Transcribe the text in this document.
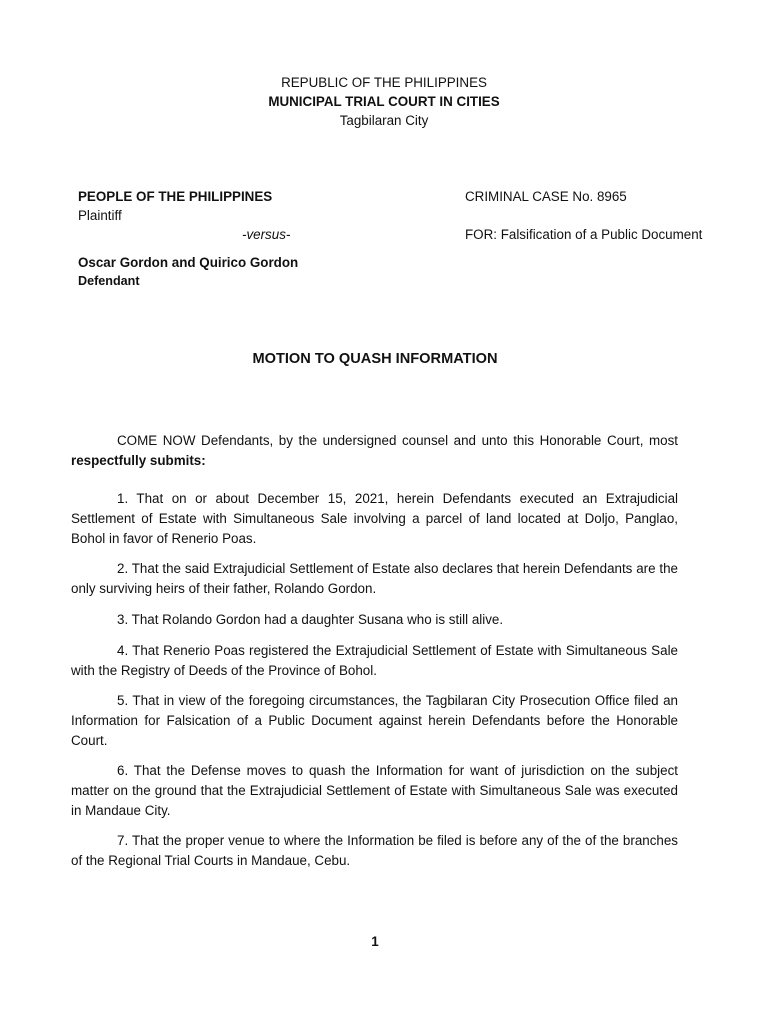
REPUBLIC OF THE PHILIPPINES
MUNICIPAL TRIAL COURT IN CITIES
Tagbilaran City
PEOPLE OF THE PHILIPPINES
Plaintiff
-versus-
Oscar Gordon and Quirico Gordon
Defendant
CRIMINAL CASE No. 8965
FOR: Falsification of a Public Document
MOTION TO QUASH INFORMATION
COME NOW Defendants, by the undersigned counsel and unto this Honorable Court, most respectfully submits:
1. That on or about December 15, 2021, herein Defendants executed an Extrajudicial Settlement of Estate with Simultaneous Sale involving a parcel of land located at Doljo, Panglao, Bohol in favor of Renerio Poas.
2. That the said Extrajudicial Settlement of Estate also declares that herein Defendants are the only surviving heirs of their father, Rolando Gordon.
3. That Rolando Gordon had a daughter Susana who is still alive.
4. That Renerio Poas registered the Extrajudicial Settlement of Estate with Simultaneous Sale with the Registry of Deeds of the Province of Bohol.
5. That in view of the foregoing circumstances, the Tagbilaran City Prosecution Office filed an Information for Falsication of a Public Document against herein Defendants before the Honorable Court.
6. That the Defense moves to quash the Information for want of jurisdiction on the subject matter on the ground that the Extrajudicial Settlement of Estate with Simultaneous Sale was executed in Mandaue City.
7. That the proper venue to where the Information be filed is before any of the of the branches of the Regional Trial Courts in Mandaue, Cebu.
1
